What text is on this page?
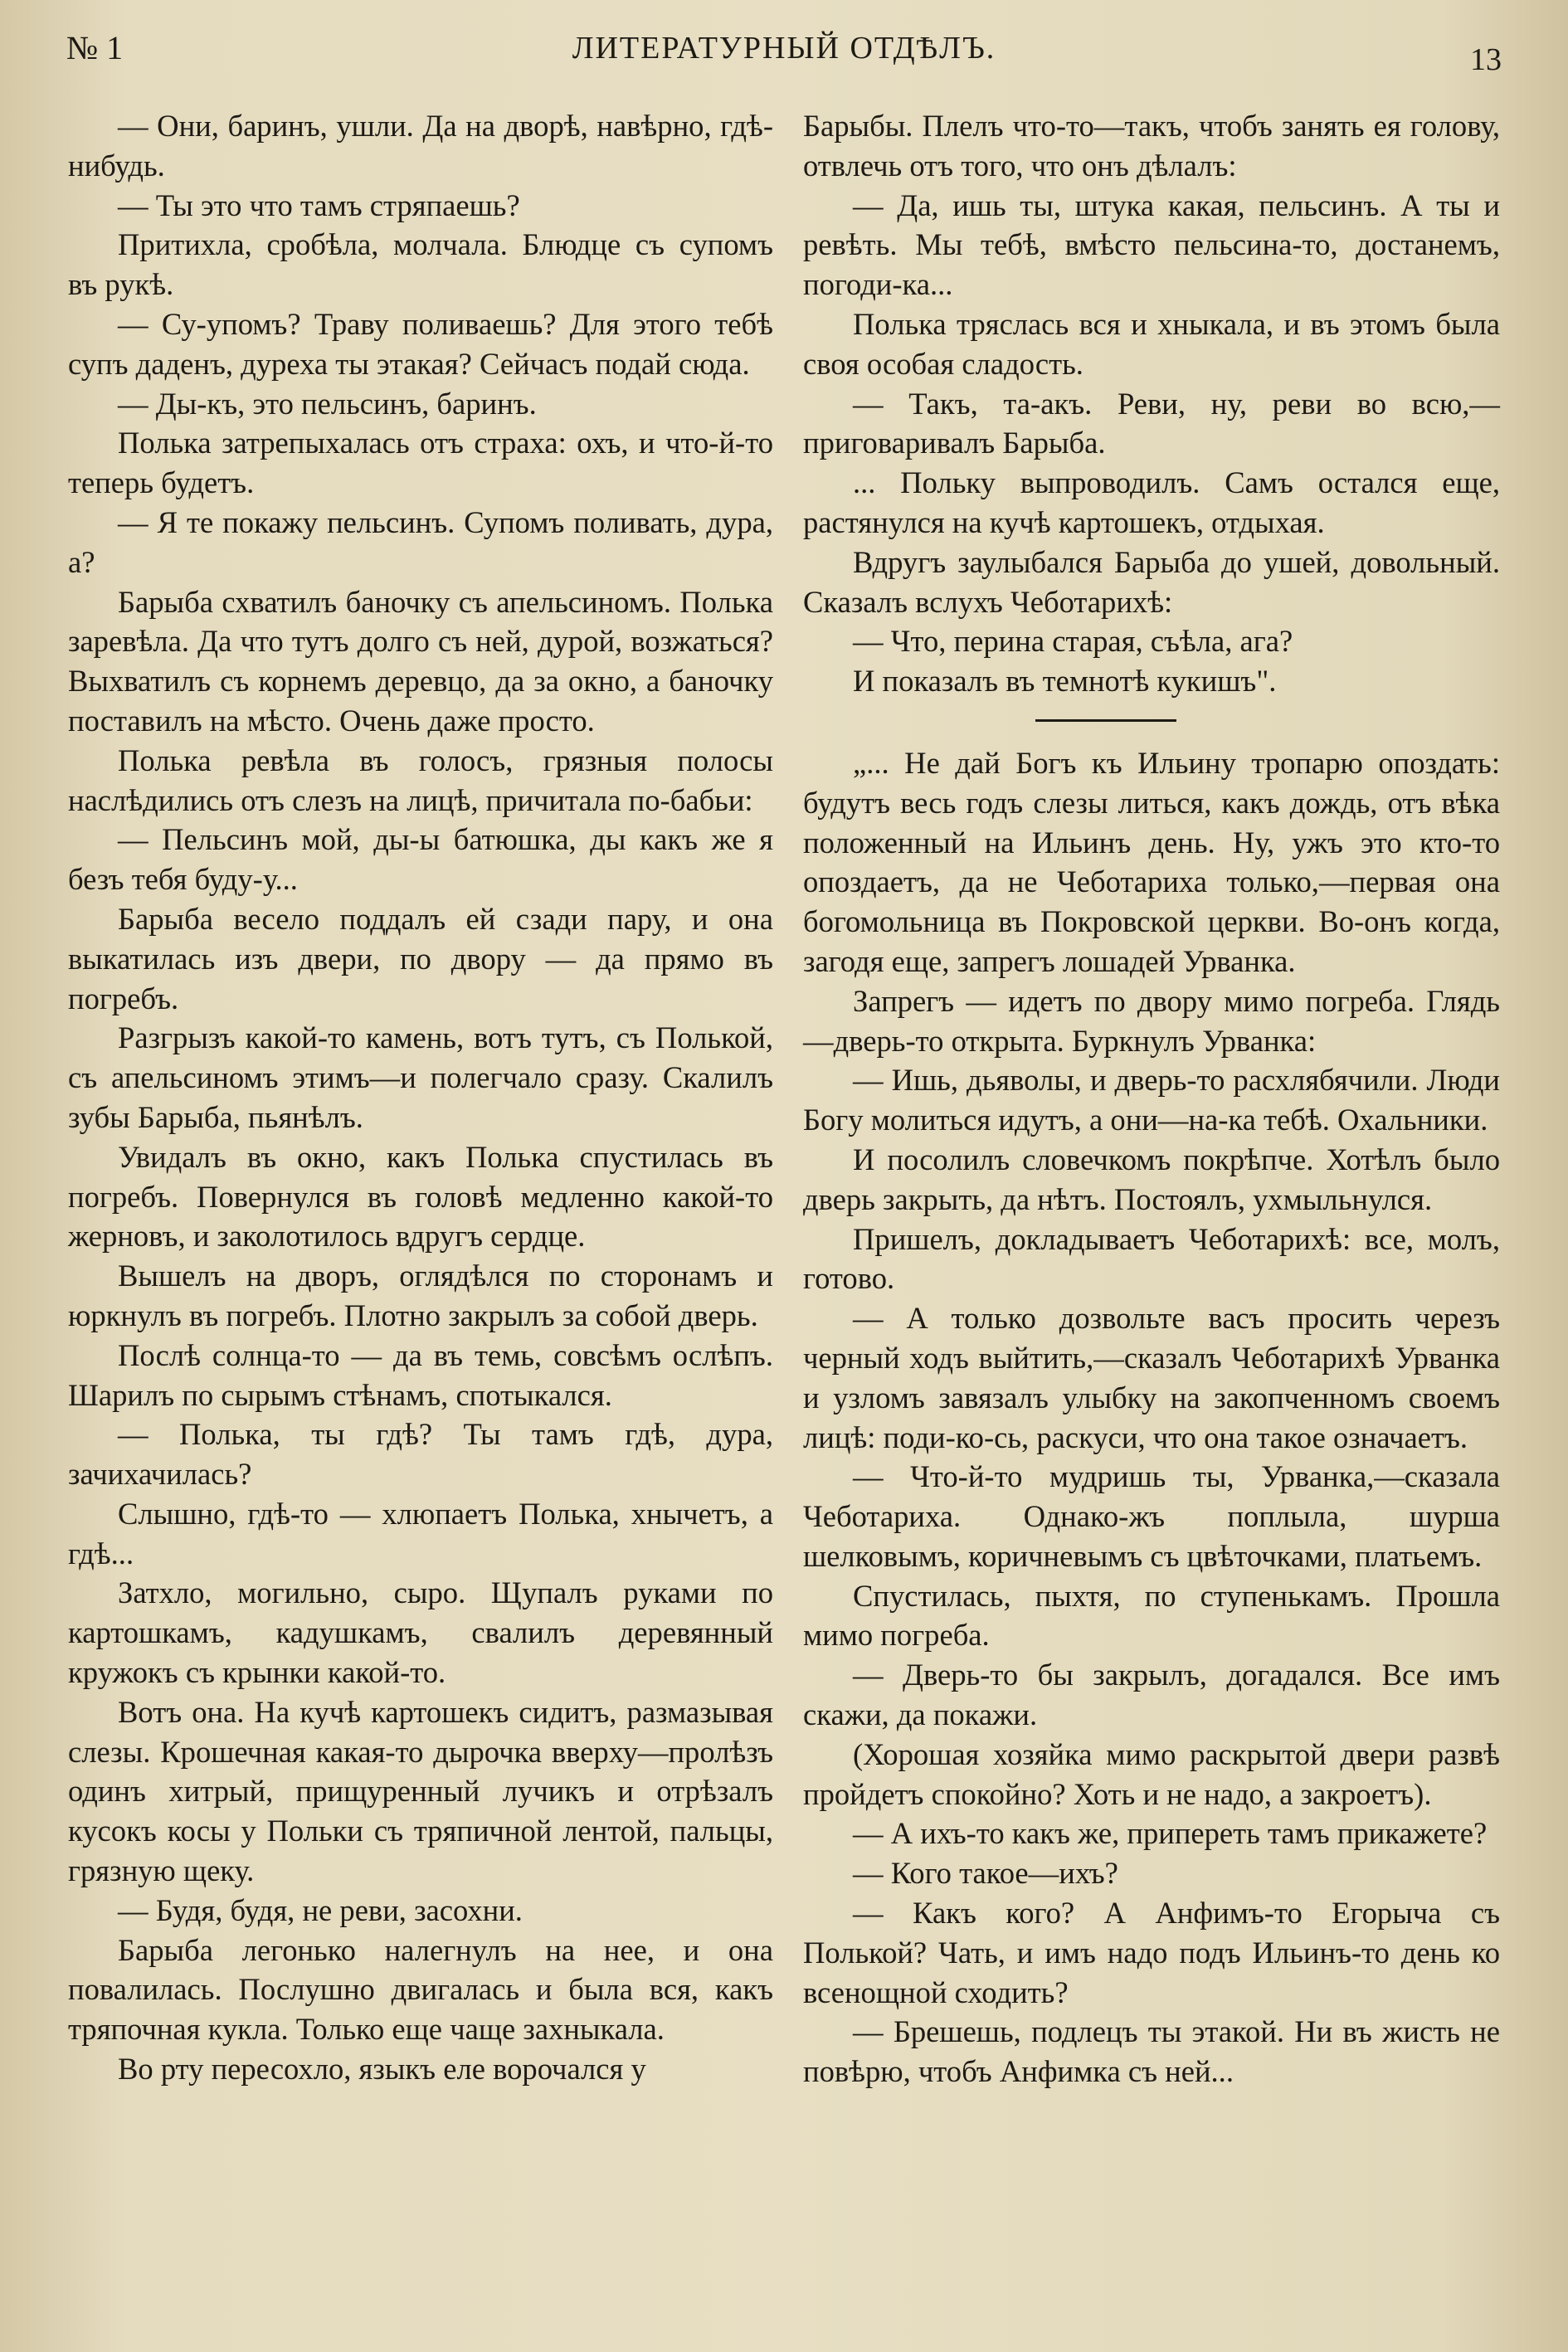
№ 1	ЛИТЕРАТУРНЫЙ ОТДѢЛЪ.	13

— Они, баринъ, ушли. Да на дворѣ, навѣрно, гдѣ-нибудь.

— Ты это что тамъ стряпаешь?

Притихла, сробѣла, молчала. Блюдце съ супомъ въ рукѣ.

— Су-упомъ? Траву поливаешь? Для этого тебѣ супъ даденъ, дуреха ты этакая? Сейчасъ подай сюда.

— Ды-къ, это пельсинъ, баринъ.

Полька затрепыхалась отъ страха: охъ, и что-й-то теперь будетъ.

— Я те покажу пельсинъ. Супомъ поливать, дура, а?

Барыба схватилъ баночку съ апельсиномъ. Полька заревѣла. Да что тутъ долго съ ней, дурой, возжаться? Выхватилъ съ корнемъ деревцо, да за окно, а баночку поставилъ на мѣсто. Очень даже просто.

Полька ревѣла въ голосъ, грязныя полосы наслѣдились отъ слезъ на лицѣ, причитала по-бабьи:

— Пельсинъ мой, ды-ы батюшка, ды какъ же я безъ тебя буду-у...

Барыба весело поддалъ ей сзади пару, и она выкатилась изъ двери, по двору — да прямо въ погребъ.

Разгрызъ какой-то камень, вотъ тутъ, съ Полькой, съ апельсиномъ этимъ—и полегчало сразу. Скалилъ зубы Барыба, пьянѣлъ.

Увидалъ въ окно, какъ Полька спустилась въ погребъ. Повернулся въ головѣ медленно какой-то жерновъ, и заколотилось вдругъ сердце.

Вышелъ на дворъ, оглядѣлся по сторонамъ и юркнулъ въ погребъ. Плотно закрылъ за собой дверь.

Послѣ солнца-то — да въ темь, совсѣмъ ослѣпъ. Шарилъ по сырымъ стѣнамъ, спотыкался.

— Полька, ты гдѣ? Ты тамъ гдѣ, дура, зачихачилась?

Слышно, гдѣ-то — хлюпаетъ Полька, хнычетъ, а гдѣ...

Затхло, могильно, сыро. Щупалъ руками по картошкамъ, кадушкамъ, свалилъ деревянный кружокъ съ крынки какой-то.

Вотъ она. На кучѣ картошекъ сидитъ, размазывая слезы. Крошечная какая-то дырочка вверху—пролѣзъ одинъ хитрый, прищуренный лучикъ и отрѣзалъ кусокъ косы у Польки съ тряпичной лентой, пальцы, грязную щеку.

— Будя, будя, не реви, засохни.

Барыба легонько налегнулъ на нее, и она повалилась. Послушно двигалась и была вся, какъ тряпочная кукла. Только еще чаще захныкала.

Во рту пересохло, языкъ еле ворочался у

Барыбы. Плелъ что-то—такъ, чтобъ занять ея голову, отвлечь отъ того, что онъ дѣлалъ:

— Да, ишь ты, штука какая, пельсинъ. А ты и ревѣть. Мы тебѣ, вмѣсто пельсина-то, достанемъ, погоди-ка...

Полька тряслась вся и хныкала, и въ этомъ была своя особая сладость.

— Такъ, та-акъ. Реви, ну, реви во всю,— приговаривалъ Барыба.

... Польку выпроводилъ. Самъ остался еще, растянулся на кучѣ картошекъ, отдыхая.

Вдругъ заулыбался Барыба до ушей, довольный. Сказалъ вслухъ Чеботарихѣ:

— Что, перина старая, съѣла, ага?

И показалъ въ темнотѣ кукишъ".

„... Не дай Богъ къ Ильину тропарю опоздать: будутъ весь годъ слезы литься, какъ дождь, отъ вѣка положенный на Ильинъ день. Ну, ужъ это кто-то опоздаетъ, да не Чеботариха только,—первая она богомольница въ Покровской церкви. Во-онъ когда, загодя еще, запрегъ лошадей Урванка.

Запрегъ — идетъ по двору мимо погреба. Глядь—дверь-то открыта. Буркнулъ Урванка:

— Ишь, дьяволы, и дверь-то расхлябячили. Люди Богу молиться идутъ, а они—на-ка тебѣ. Охальники.

И посолилъ словечкомъ покрѣпче. Хотѣлъ было дверь закрыть, да нѣтъ. Постоялъ, ухмыльнулся.

Пришелъ, докладываетъ Чеботарихѣ: все, молъ, готово.

— А только дозвольте васъ просить черезъ черный ходъ выйтить,—сказалъ Чеботарихѣ Урванка и узломъ завязалъ улыбку на закопченномъ своемъ лицѣ: поди-ко-сь, раскуси, что она такое означаетъ.

— Что-й-то мудришь ты, Урванка,—сказала Чеботариха. Однако-жъ поплыла, шурша шелковымъ, коричневымъ съ цвѣточками, платьемъ.

Спустилась, пыхтя, по ступенькамъ. Прошла мимо погреба.

— Дверь-то бы закрылъ, догадался. Все имъ скажи, да покажи.

(Хорошая хозяйка мимо раскрытой двери развѣ пройдетъ спокойно? Хоть и не надо, а закроетъ).

— А ихъ-то какъ же, припереть тамъ прикажете?

— Кого такое—ихъ?

— Какъ кого? А Анфимъ-то Егорыча съ Полькой? Чать, и имъ надо подъ Ильинъ-то день ко всенощной сходить?

— Брешешь, подлецъ ты этакой. Ни въ жисть не повѣрю, чтобъ Анфимка съ ней...
